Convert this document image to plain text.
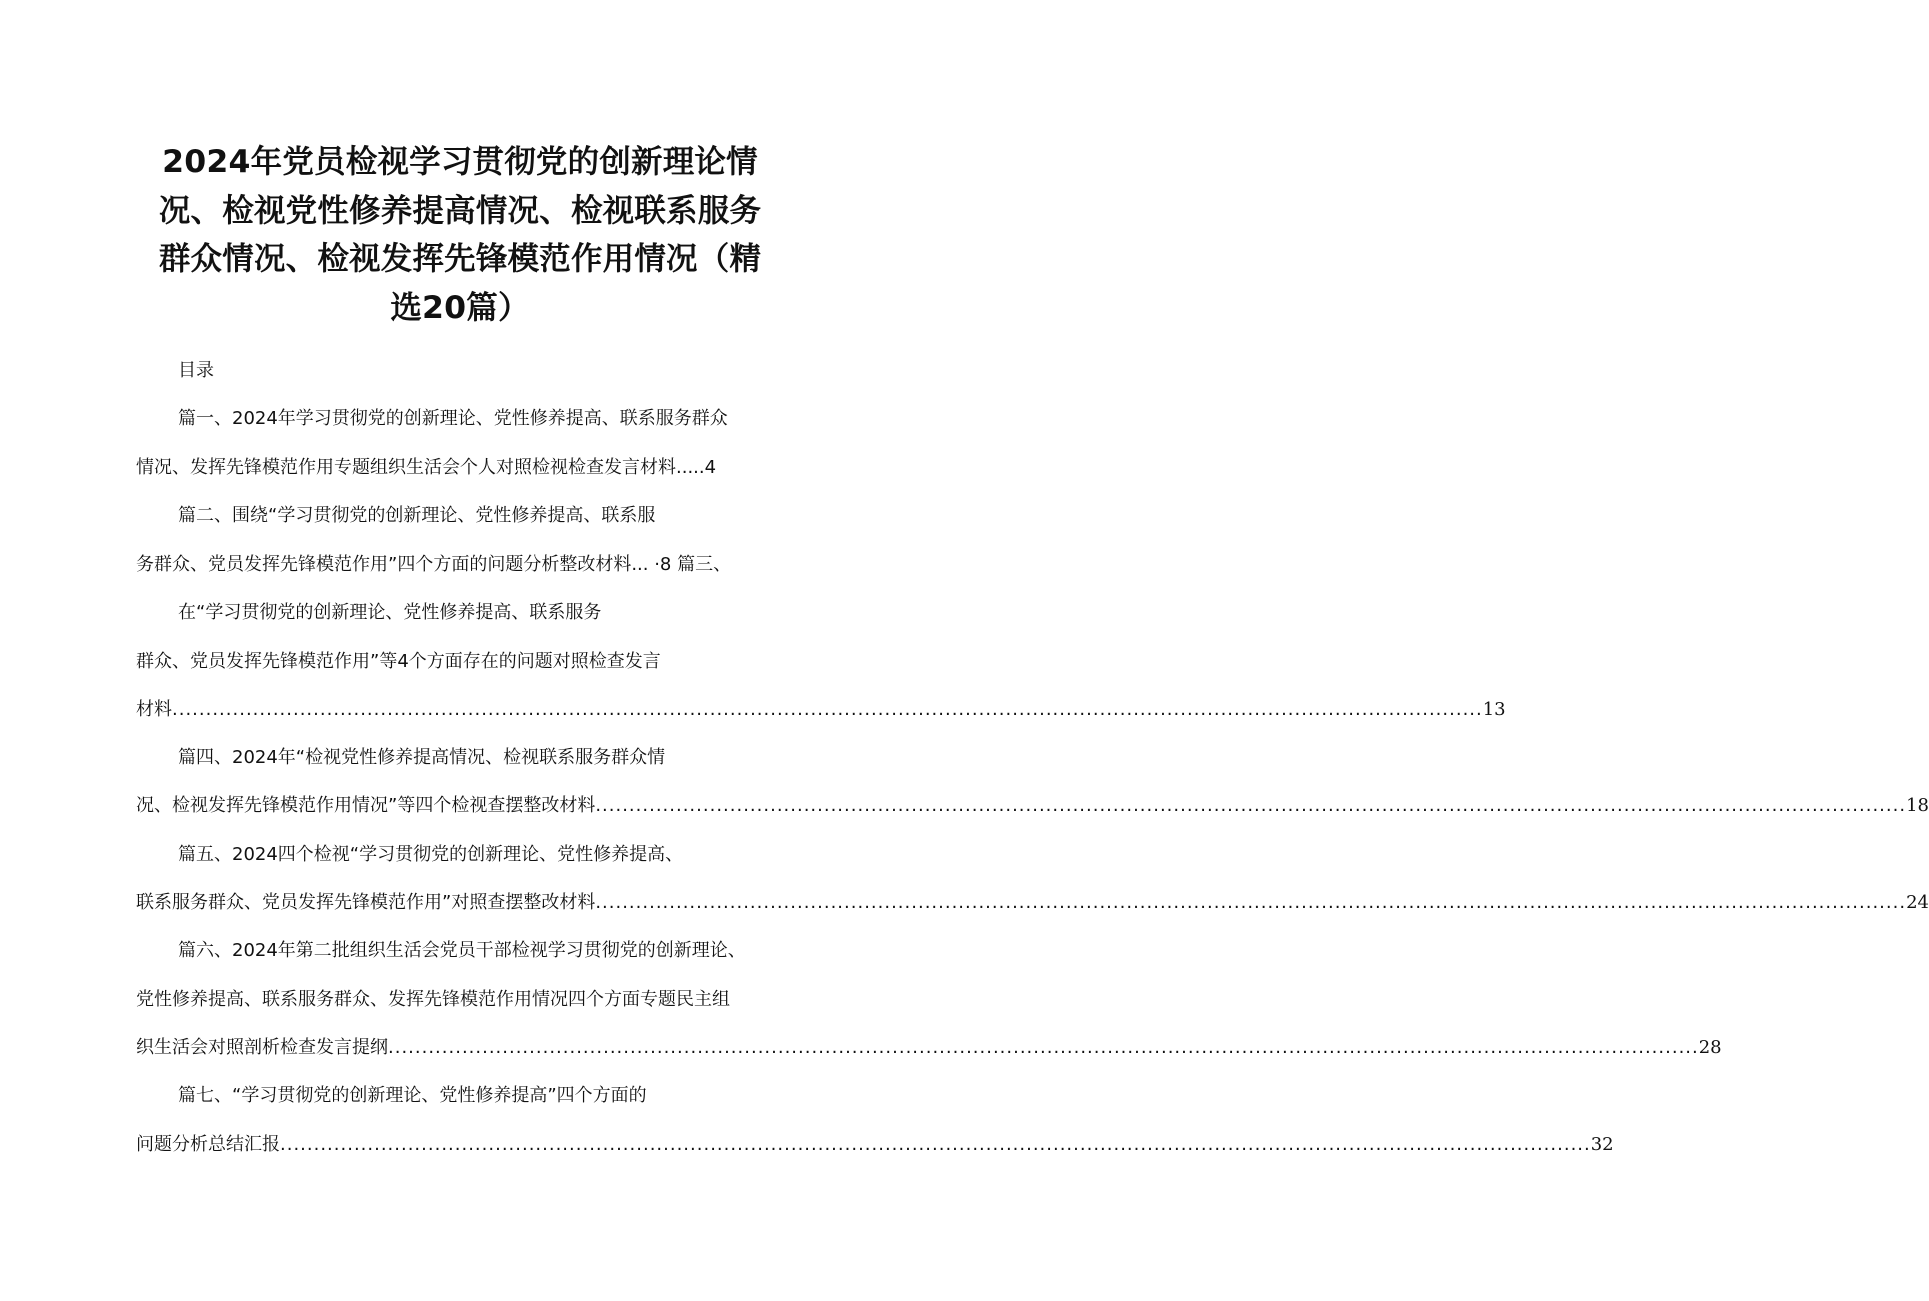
2024年党员检视学习贯彻党的创新理论情
况、检视党性修养提高情况、检视联系服务
群众情况、检视发挥先锋模范作用情况（精
选20篇）
目录
篇一、2024年学习贯彻党的创新理论、党性修养提高、联系服务群众
情况、发挥先锋模范作用专题组织生活会个人对照检视检查发言材料.....4
篇二、围绕“学习贯彻党的创新理论、党性修养提高、联系服
务群众、党员发挥先锋模范作用”四个方面的问题分析整改材料... ·8 篇三、
在“学习贯彻党的创新理论、党性修养提高、联系服务
群众、党员发挥先锋模范作用”等4个方面存在的问题对照检查发言
材料 ................................................................................................................................................................................................... 13
篇四、2024年“检视党性修养提高情况、检视联系服务群众情
况、检视发挥先锋模范作用情况”等四个检视查摆整改材料 ................................................................................................................................................................................................... 18
篇五、2024四个检视“学习贯彻党的创新理论、党性修养提高、
联系服务群众、党员发挥先锋模范作用”对照查摆整改材料 ................................................................................................................................................................................................... 24
篇六、2024年第二批组织生活会党员干部检视学习贯彻党的创新理论、
党性修养提高、联系服务群众、发挥先锋模范作用情况四个方面专题民主组
织生活会对照剖析检查发言提纲 ................................................................................................................................................................................................... 28
篇七、“学习贯彻党的创新理论、党性修养提高”四个方面的
问题分析总结汇报 ................................................................................................................................................................................................... 32
